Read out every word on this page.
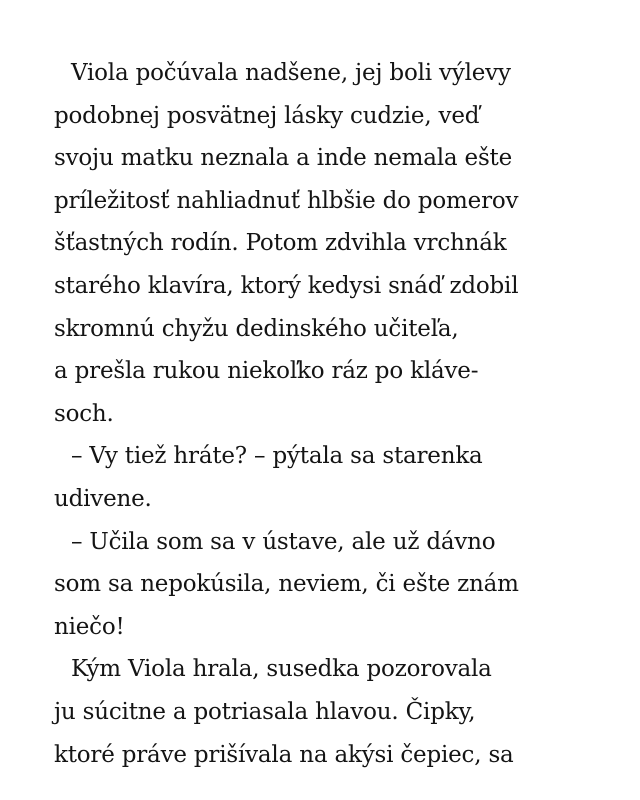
Viola počúvala nadšene, jej boli výlevy
podobnej posvätnej lásky cudzie, veď
svoju matku neznala a inde nemala ešte
príležitosť nahliadnuť hlbšie do pomerov
šťastných rodín. Potom zdvihla vrchnák
starého klavíra, ktorý kedysi snáď zdobil
skromnú chyžu dedinského učiteľa,
a prešla rukou niekoľko ráz po kláve-
soch.
– Vy tiež hráte? – pýtala sa starenka
udivene.
– Učila som sa v ústave, ale už dávno
som sa nepokúsila, neviem, či ešte znám
niečo!
Kým Viola hrala, susedka pozorovala
ju súcitne a potriasala hlavou. Čipky,
ktoré práve prišívala na akýsi čepiec, sa
